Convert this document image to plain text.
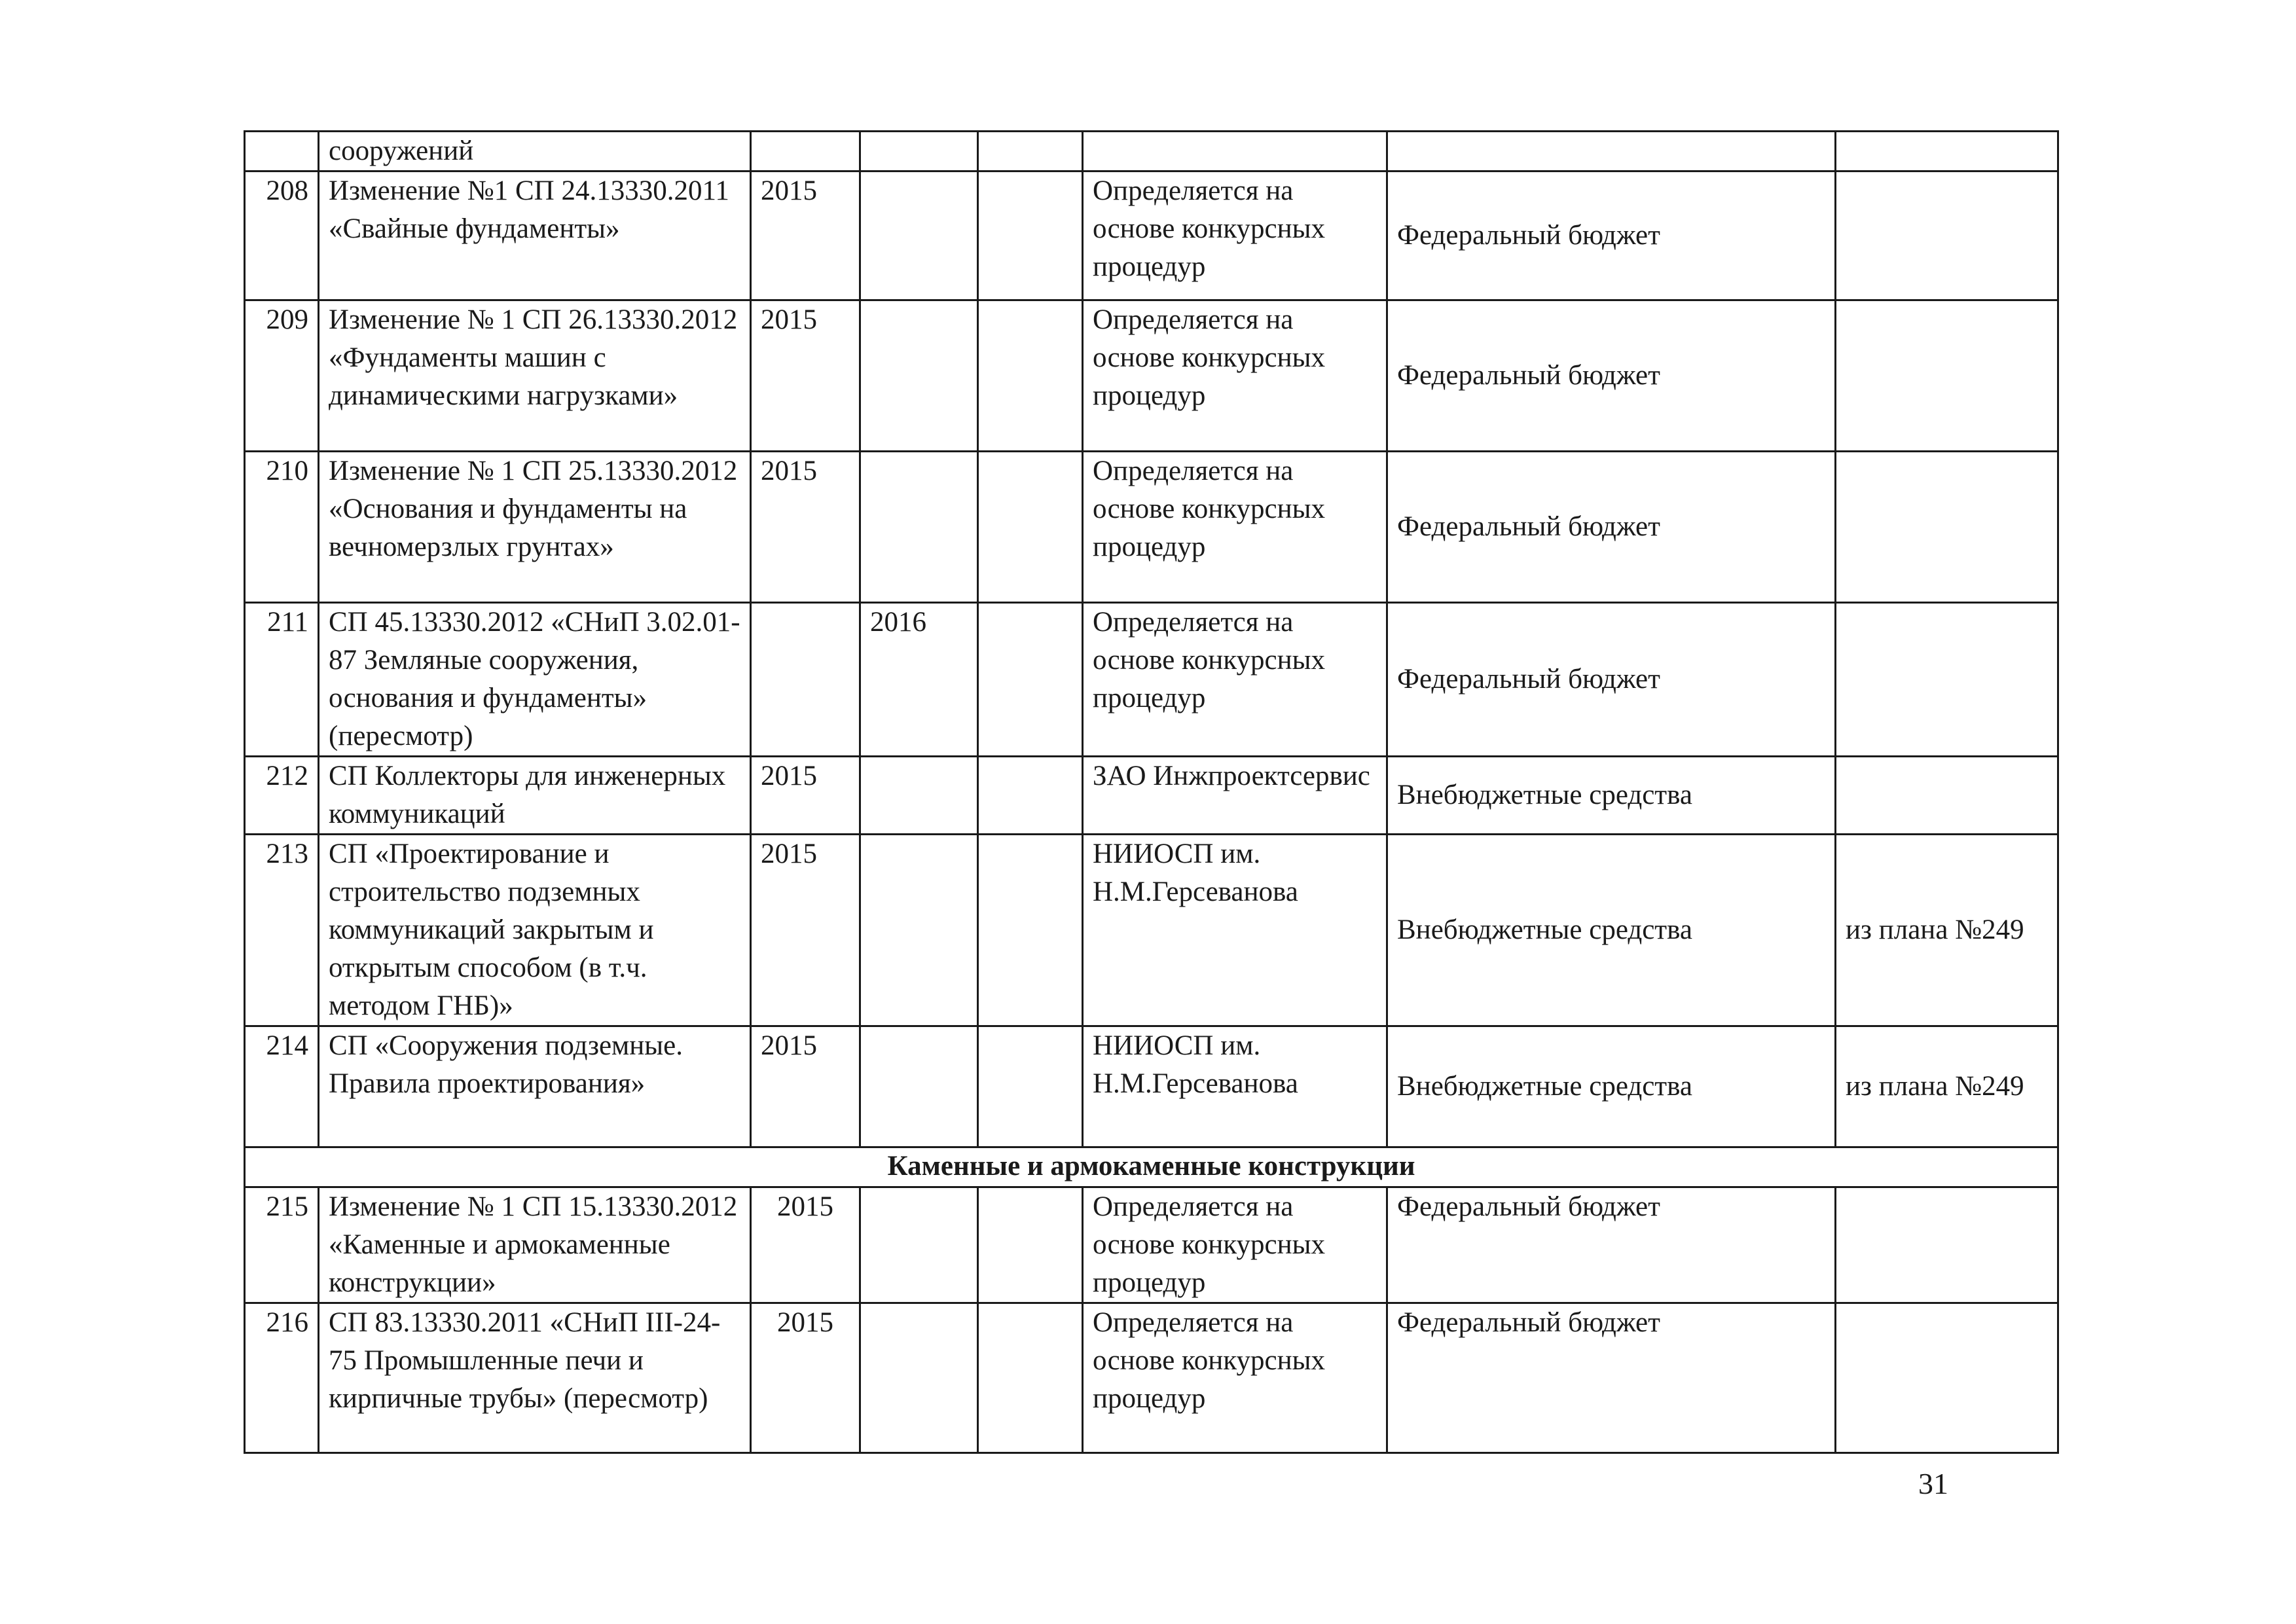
	сооружений						
208	Изменение №1 СП 24.13330.2011 «Свайные фундаменты»	2015			Определяется на основе конкурсных процедур	Федеральный бюджет	
209	Изменение № 1 СП 26.13330.2012 «Фундаменты машин с динамическими нагрузками»	2015			Определяется на основе конкурсных процедур	Федеральный бюджет	
210	Изменение № 1 СП 25.13330.2012 «Основания и фундаменты на вечномерзлых грунтах»	2015			Определяется на основе конкурсных процедур	Федеральный бюджет	
211	СП 45.13330.2012 «СНиП 3.02.01-87 Земляные сооружения, основания и фундаменты» (пересмотр)		2016		Определяется на основе конкурсных процедур	Федеральный бюджет	
212	СП Коллекторы для инженерных коммуникаций	2015			ЗАО Инжпроектсервис	Внебюджетные средства	
213	СП «Проектирование и строительство подземных коммуникаций закрытым и открытым способом (в т.ч. методом ГНБ)»	2015			НИИОСП им. Н.М.Герсеванова	Внебюджетные средства	из плана №249
214	СП «Сооружения подземные. Правила проектирования»	2015			НИИОСП им. Н.М.Герсеванова	Внебюджетные средства	из плана №249
Каменные и армокаменные конструкции							
215	Изменение № 1 СП 15.13330.2012 «Каменные и армокаменные конструкции»	2015			Определяется на основе конкурсных процедур	Федеральный бюджет	
216	СП 83.13330.2011 «СНиП III-24-75 Промышленные печи и кирпичные трубы» (пересмотр)	2015			Определяется на основе конкурсных процедур	Федеральный бюджет	
31
